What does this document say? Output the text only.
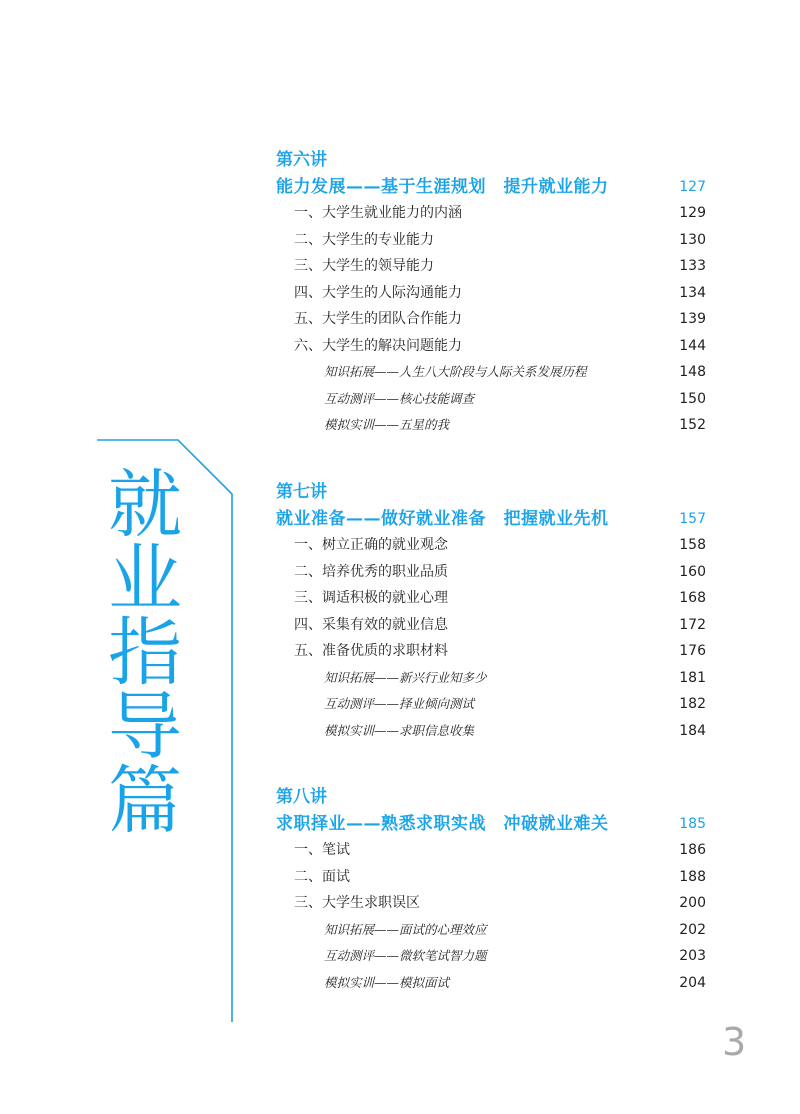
就
业
指
导
篇
第六讲
能力发展——基于生涯规划　提升就业能力	127
一、大学生就业能力的内涵	129
二、大学生的专业能力	130
三、大学生的领导能力	133
四、大学生的人际沟通能力	134
五、大学生的团队合作能力	139
六、大学生的解决问题能力	144
知识拓展——人生八大阶段与人际关系发展历程	148
互动测评——核心技能调查	150
模拟实训——五星的我	152
第七讲
就业准备——做好就业准备　把握就业先机	157
一、树立正确的就业观念	158
二、培养优秀的职业品质	160
三、调适积极的就业心理	168
四、采集有效的就业信息	172
五、准备优质的求职材料	176
知识拓展——新兴行业知多少	181
互动测评——择业倾向测试	182
模拟实训——求职信息收集	184
第八讲
求职择业——熟悉求职实战　冲破就业难关	185
一、笔试	186
二、面试	188
三、大学生求职误区	200
知识拓展——面试的心理效应	202
互动测评——微软笔试智力题	203
模拟实训——模拟面试	204
3
